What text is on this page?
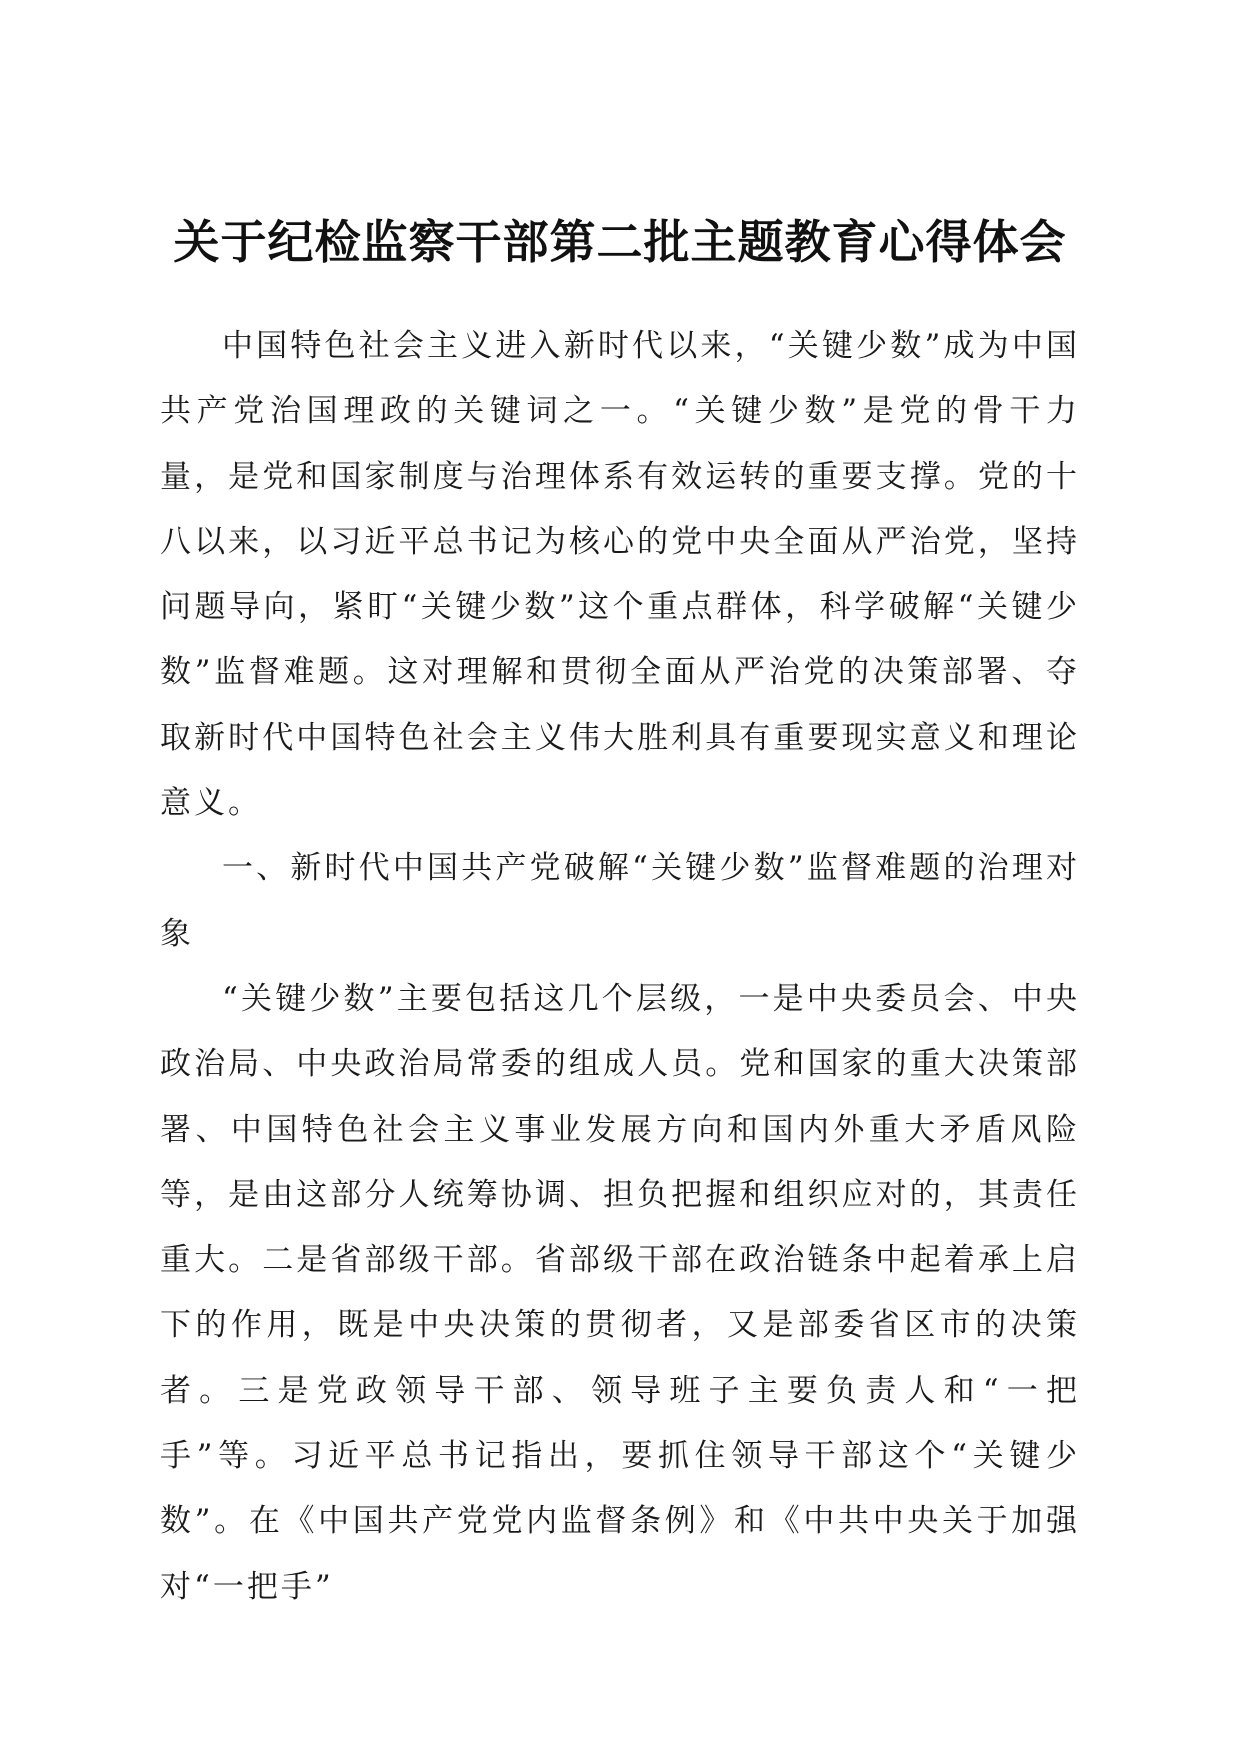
关于纪检监察干部第二批主题教育心得体会

中国特色社会主义进入新时代以来，“关键少数”成为中国共产党治国理政的关键词之一。“关键少数”是党的骨干力量，是党和国家制度与治理体系有效运转的重要支撑。党的十八以来，以习近平总书记为核心的党中央全面从严治党，坚持问题导向，紧盯“关键少数”这个重点群体，科学破解“关键少数”监督难题。这对理解和贯彻全面从严治党的决策部署、夺取新时代中国特色社会主义伟大胜利具有重要现实意义和理论意义。

一、新时代中国共产党破解“关键少数”监督难题的治理对象

“关键少数”主要包括这几个层级，一是中央委员会、中央政治局、中央政治局常委的组成人员。党和国家的重大决策部署、中国特色社会主义事业发展方向和国内外重大矛盾风险等，是由这部分人统筹协调、担负把握和组织应对的，其责任重大。二是省部级干部。省部级干部在政治链条中起着承上启下的作用，既是中央决策的贯彻者，又是部委省区市的决策者。三是党政领导干部、领导班子主要负责人和“一把手”等。习近平总书记指出，要抓住领导干部这个“关键少数”。在《中国共产党党内监督条例》和《中共中央关于加强对“一把手”
